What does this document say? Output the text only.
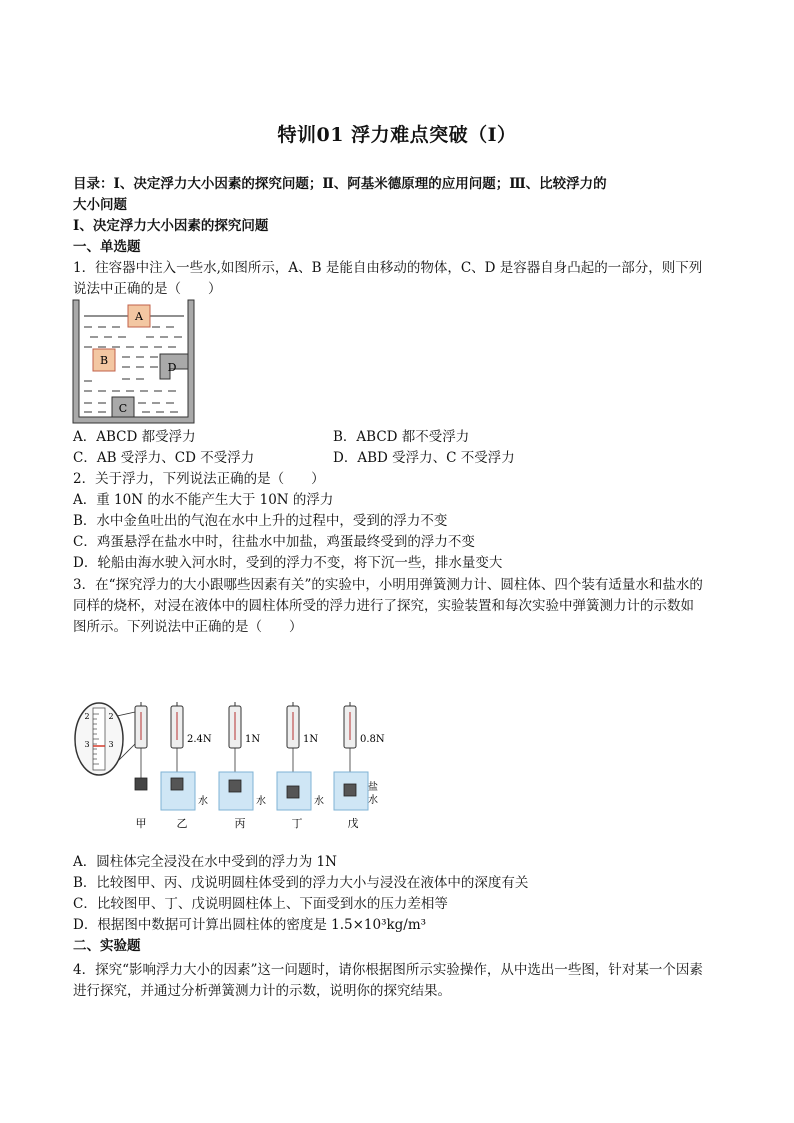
特训01 浮力难点突破（Ⅰ）
目录：Ⅰ、决定浮力大小因素的探究问题；Ⅱ、阿基米德原理的应用问题；Ⅲ、比较浮力的
大小问题
Ⅰ、决定浮力大小因素的探究问题
一、单选题
1．往容器中注入一些水,如图所示，A、B 是能自由移动的物体，C、D 是容器自身凸起的一部分，则下列
说法中正确的是（　　）
A
B
D
C
A．ABCD 都受浮力	B．ABCD 都不受浮力
C．AB 受浮力、CD 不受浮力	D．ABD 受浮力、C 不受浮力
2．关于浮力，下列说法正确的是（　　）
A．重 10N 的水不能产生大于 10N 的浮力
B．水中金鱼吐出的气泡在水中上升的过程中，受到的浮力不变
C．鸡蛋悬浮在盐水中时，往盐水中加盐，鸡蛋最终受到的浮力不变
D．轮船由海水驶入河水时，受到的浮力不变，将下沉一些，排水量变大
3．在“探究浮力的大小跟哪些因素有关”的实验中，小明用弹簧测力计、圆柱体、四个装有适量水和盐水的
同样的烧杯，对浸在液体中的圆柱体所受的浮力进行了探究，实验装置和每次实验中弹簧测力计的示数如
图所示。下列说法中正确的是（　　）
2
3
2
3	2.4N
水
1N
水
1N
水
0.8N
盐
水
甲	乙	丙	丁	戊
A．圆柱体完全浸没在水中受到的浮力为 1N
B．比较图甲、丙、戊说明圆柱体受到的浮力大小与浸没在液体中的深度有关
C．比较图甲、丁、戊说明圆柱体上、下面受到水的压力差相等
D．根据图中数据可计算出圆柱体的密度是 1.5×10³kg/m³
二、实验题
4．探究“影响浮力大小的因素”这一问题时，请你根据图所示实验操作，从中选出一些图，针对某一个因素
进行探究，并通过分析弹簧测力计的示数，说明你的探究结果。
